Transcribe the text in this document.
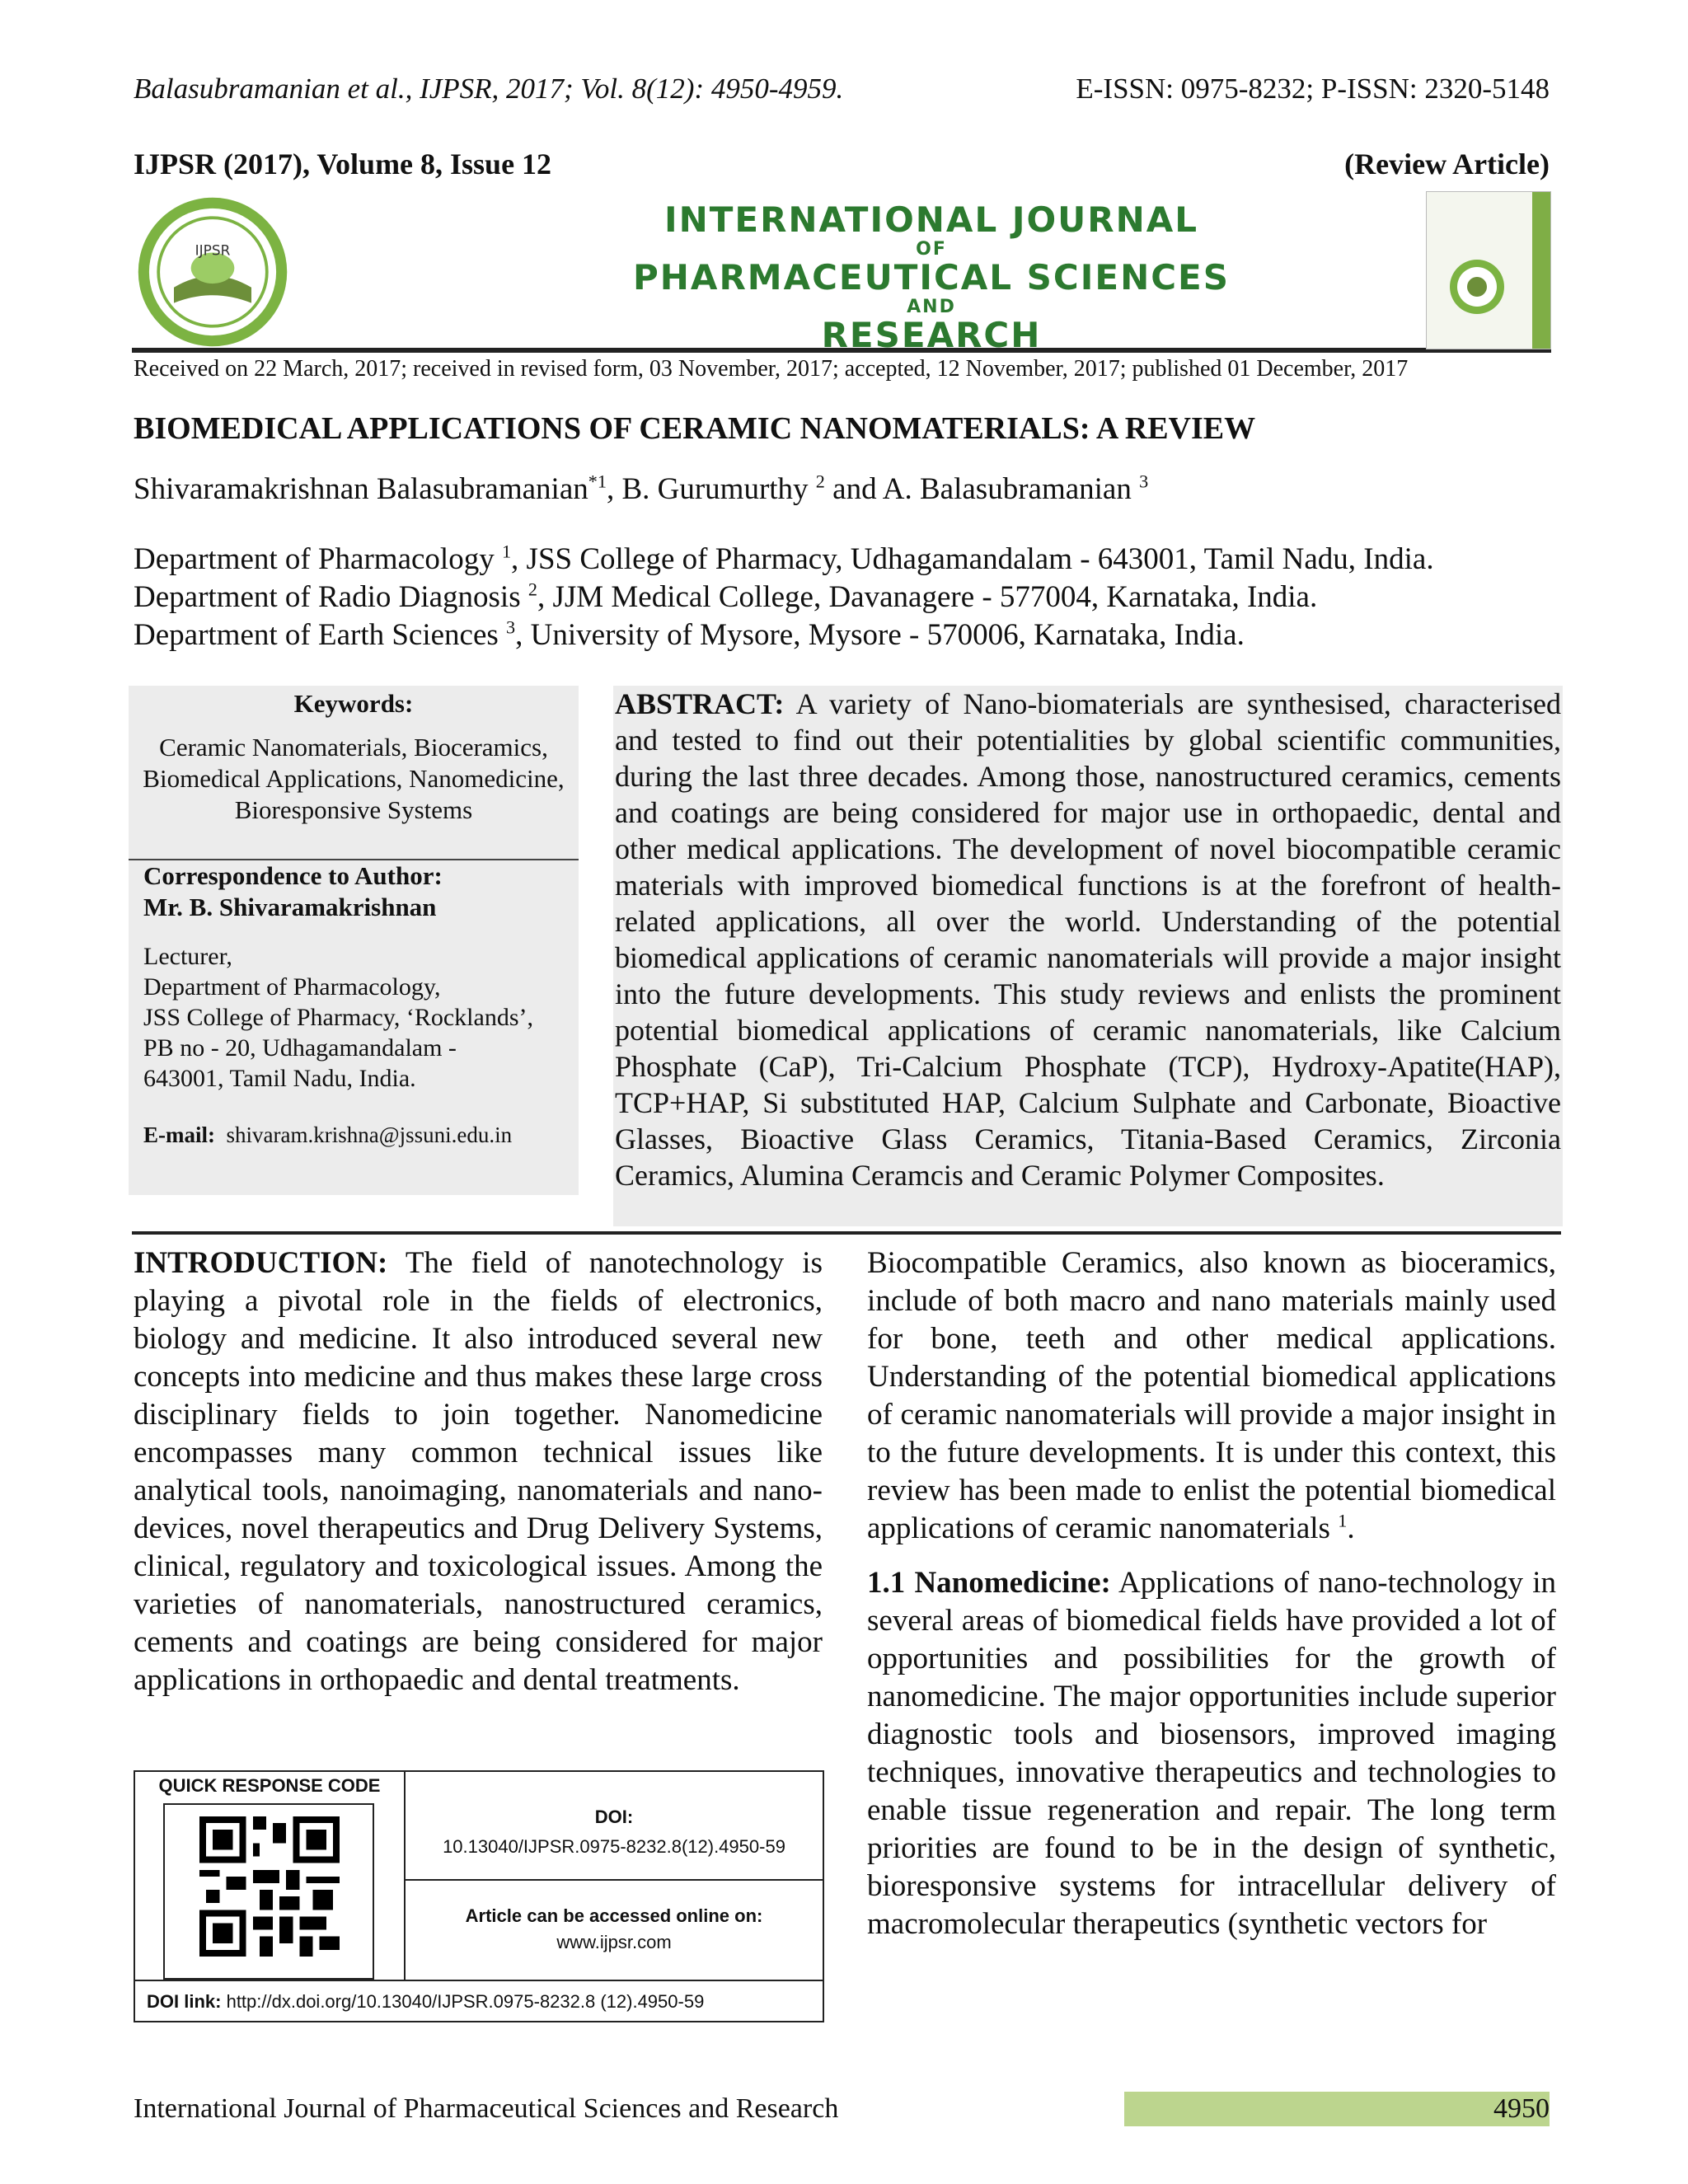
Balasubramanian et al., IJPSR, 2017; Vol. 8(12): 4950-4959.	E-ISSN: 0975-8232; P-ISSN: 2320-5148
IJPSR (2017), Volume 8, Issue 12	(Review Article)
IJPSR
INTERNATIONAL JOURNAL
OF
PHARMACEUTICAL SCIENCES
AND
RESEARCH
Received on 22 March, 2017; received in revised form, 03 November, 2017; accepted, 12 November, 2017; published 01 December, 2017
BIOMEDICAL APPLICATIONS OF CERAMIC NANOMATERIALS: A REVIEW
Shivaramakrishnan Balasubramanian$^{*1}$, B. Gurumurthy $^2$ and A. Balasubramanian $^3$
Department of Pharmacology $^1$, JSS College of Pharmacy, Udhagamandalam - 643001, Tamil Nadu, India.
Department of Radio Diagnosis $^2$, JJM Medical College, Davanagere - 577004, Karnataka, India.
Department of Earth Sciences $^3$, University of Mysore, Mysore - 570006, Karnataka, India.
Keywords:
Ceramic Nanomaterials, Bioceramics, Biomedical Applications, Nanomedicine, Bioresponsive Systems
Correspondence to Author:
Mr. B. Shivaramakrishnan
Lecturer,
Department of Pharmacology,
JSS College of Pharmacy, ‘Rocklands’,
PB no - 20, Udhagamandalam -
643001, Tamil Nadu, India.
E-mail: shivaram.krishna@jssuni.edu.in
ABSTRACT: A variety of Nano-biomaterials are synthesised, characterised and tested to find out their potentialities by global scientific communities, during the last three decades. Among those, nanostructured ceramics, cements and coatings are being considered for major use in orthopaedic, dental and other medical applications. The development of novel biocompatible ceramic materials with improved biomedical functions is at the forefront of health-related applications, all over the world. Understanding of the potential biomedical applications of ceramic nanomaterials will provide a major insight into the future developments. This study reviews and enlists the prominent potential biomedical applications of ceramic nanomaterials, like Calcium Phosphate (CaP), Tri-Calcium Phosphate (TCP), Hydroxy-Apatite(HAP), TCP+HAP, Si substituted HAP, Calcium Sulphate and Carbonate, Bioactive Glasses, Bioactive Glass Ceramics, Titania-Based Ceramics, Zirconia Ceramics, Alumina Ceramcis and Ceramic Polymer Composites.
INTRODUCTION: The field of nanotechnology is playing a pivotal role in the fields of electronics, biology and medicine. It also introduced several new concepts into medicine and thus makes these large cross disciplinary fields to join together. Nanomedicine encompasses many common technical issues like analytical tools, nanoimaging, nanomaterials and nano-devices, novel therapeutics and Drug Delivery Systems, clinical, regulatory and toxicological issues. Among the varieties of nanomaterials, nanostructured ceramics, cements and coatings are being considered for major applications in orthopaedic and dental treatments.
QUICK RESPONSE CODE
DOI:
10.13040/IJPSR.0975-8232.8(12).4950-59
Article can be accessed online on:
www.ijpsr.com
DOI link: http://dx.doi.org/10.13040/IJPSR.0975-8232.8 (12).4950-59

Biocompatible Ceramics, also known as bioceramics, include of both macro and nano materials mainly used for bone, teeth and other medical applications. Understanding of the potential biomedical applications of ceramic nanomaterials will provide a major insight in to the future developments. It is under this context, this review has been made to enlist the potential biomedical applications of ceramic nanomaterials $^1$.

1.1 Nanomedicine: Applications of nano-technology in several areas of biomedical fields have provided a lot of opportunities and possibilities for the growth of nanomedicine. The major opportunities include superior diagnostic tools and biosensors, improved imaging techniques, innovative therapeutics and technologies to enable tissue regeneration and repair. The long term priorities are found to be in the design of synthetic, bioresponsive systems for intracellular delivery of macromolecular therapeutics (synthetic vectors for

International Journal of Pharmaceutical Sciences and Research	4950
